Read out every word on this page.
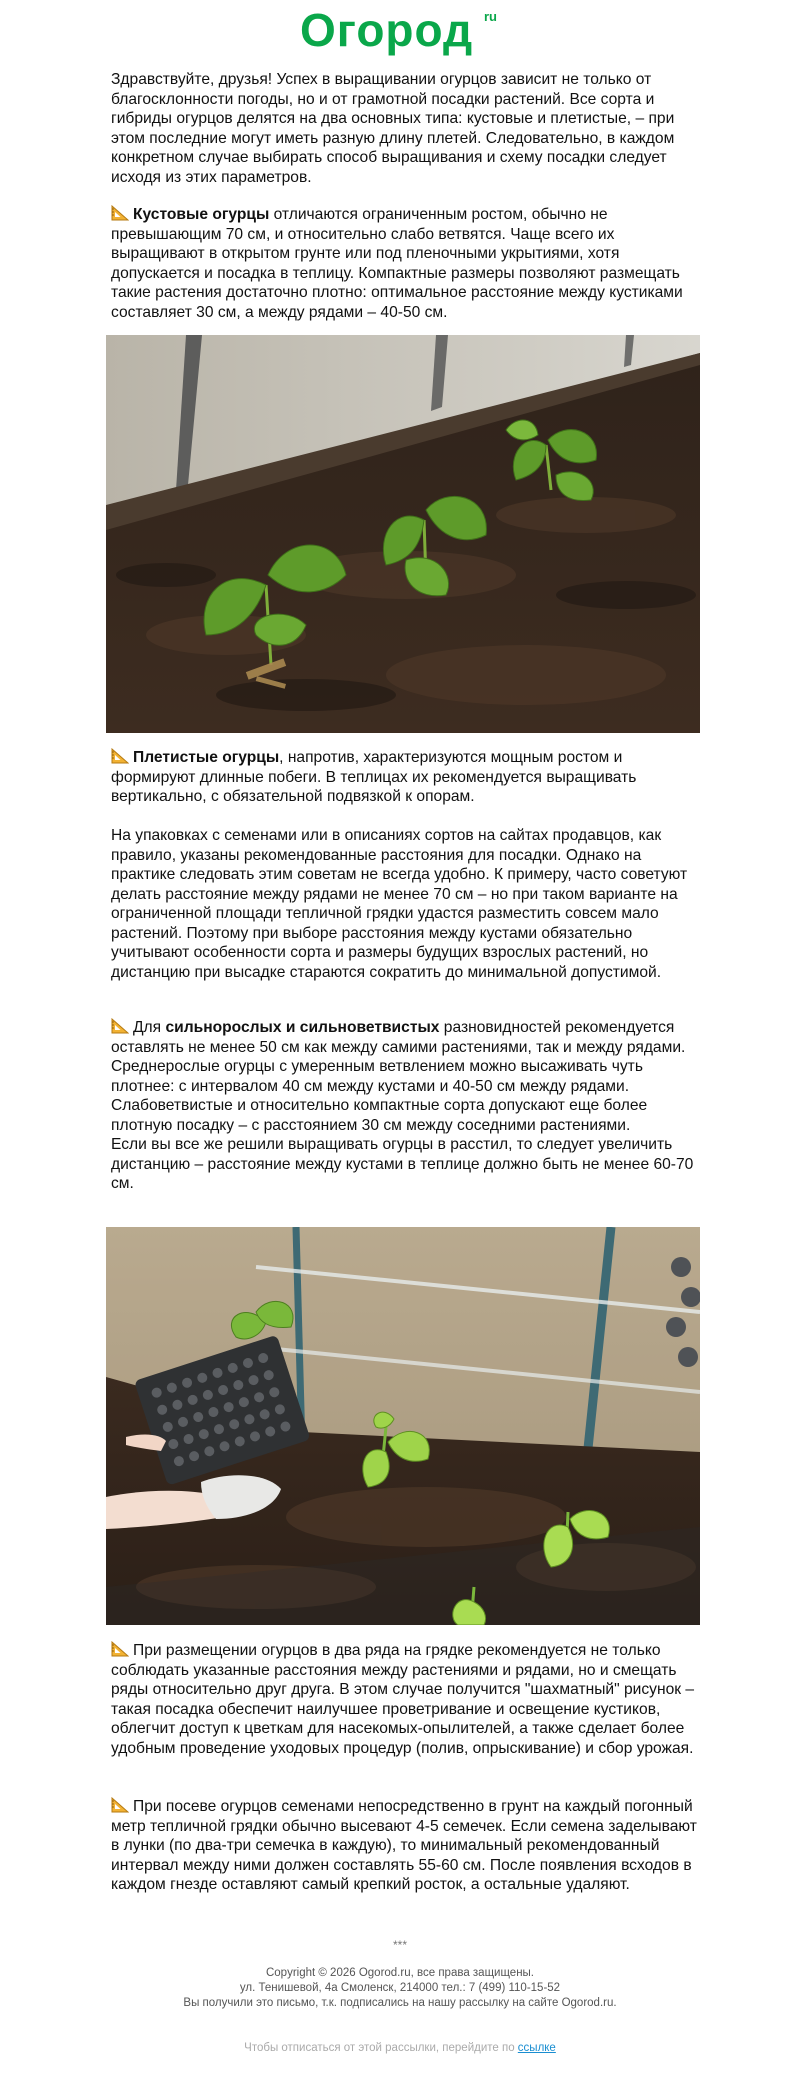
Огород ru

Здравствуйте, друзья! Успех в выращивании огурцов зависит не только от благосклонности погоды, но и от грамотной посадки растений. Все сорта и гибриды огурцов делятся на два основных типа: кустовые и плетистые, – при этом последние могут иметь разную длину плетей. Следовательно, в каждом конкретном случае выбирать способ выращивания и схему посадки следует исходя из этих параметров.

Кустовые огурцы отличаются ограниченным ростом, обычно не превышающим 70 см, и относительно слабо ветвятся. Чаще всего их выращивают в открытом грунте или под пленочными укрытиями, хотя допускается и посадка в теплицу. Компактные размеры позволяют размещать такие растения достаточно плотно: оптимальное расстояние между кустиками составляет 30 см, а между рядами – 40-50 см.

Плетистые огурцы, напротив, характеризуются мощным ростом и формируют длинные побеги. В теплицах их рекомендуется выращивать вертикально, с обязательной подвязкой к опорам.

На упаковках с семенами или в описаниях сортов на сайтах продавцов, как правило, указаны рекомендованные расстояния для посадки. Однако на практике следовать этим советам не всегда удобно. К примеру, часто советуют делать расстояние между рядами не менее 70 см – но при таком варианте на ограниченной площади тепличной грядки удастся разместить совсем мало растений. Поэтому при выборе расстояния между кустами обязательно учитывают особенности сорта и размеры будущих взрослых растений, но дистанцию при высадке стараются сократить до минимальной допустимой.

Для сильнорослых и сильноветвистых разновидностей рекомендуется оставлять не менее 50 см как между самими растениями, так и между рядами.

Среднерослые огурцы с умеренным ветвлением можно высаживать чуть плотнее: с интервалом 40 см между кустами и 40-50 см между рядами.

Слабоветвистые и относительно компактные сорта допускают еще более плотную посадку – с расстоянием 30 см между соседними растениями.

Если вы все же решили выращивать огурцы в расстил, то следует увеличить дистанцию – расстояние между кустами в теплице должно быть не менее 60-70 см.

При размещении огурцов в два ряда на грядке рекомендуется не только соблюдать указанные расстояния между растениями и рядами, но и смещать ряды относительно друг друга. В этом случае получится "шахматный" рисунок – такая посадка обеспечит наилучшее проветривание и освещение кустиков, облегчит доступ к цветкам для насекомых-опылителей, а также сделает более удобным проведение уходовых процедур (полив, опрыскивание) и сбор урожая.

При посеве огурцов семенами непосредственно в грунт на каждый погонный метр тепличной грядки обычно высевают 4-5 семечек. Если семена заделывают в лунки (по два-три семечка в каждую), то минимальный рекомендованный интервал между ними должен составлять 55-60 см. После появления всходов в каждом гнезде оставляют самый крепкий росток, а остальные удаляют.

***
Copyright © 2026 Ogorod.ru, все права защищены.
ул. Тенишевой, 4а Смоленск, 214000 тел.: 7 (499) 110-15-52
Вы получили это письмо, т.к. подписались на нашу рассылку на сайте Ogorod.ru.
Чтобы отписаться от этой рассылки, перейдите по ссылке
